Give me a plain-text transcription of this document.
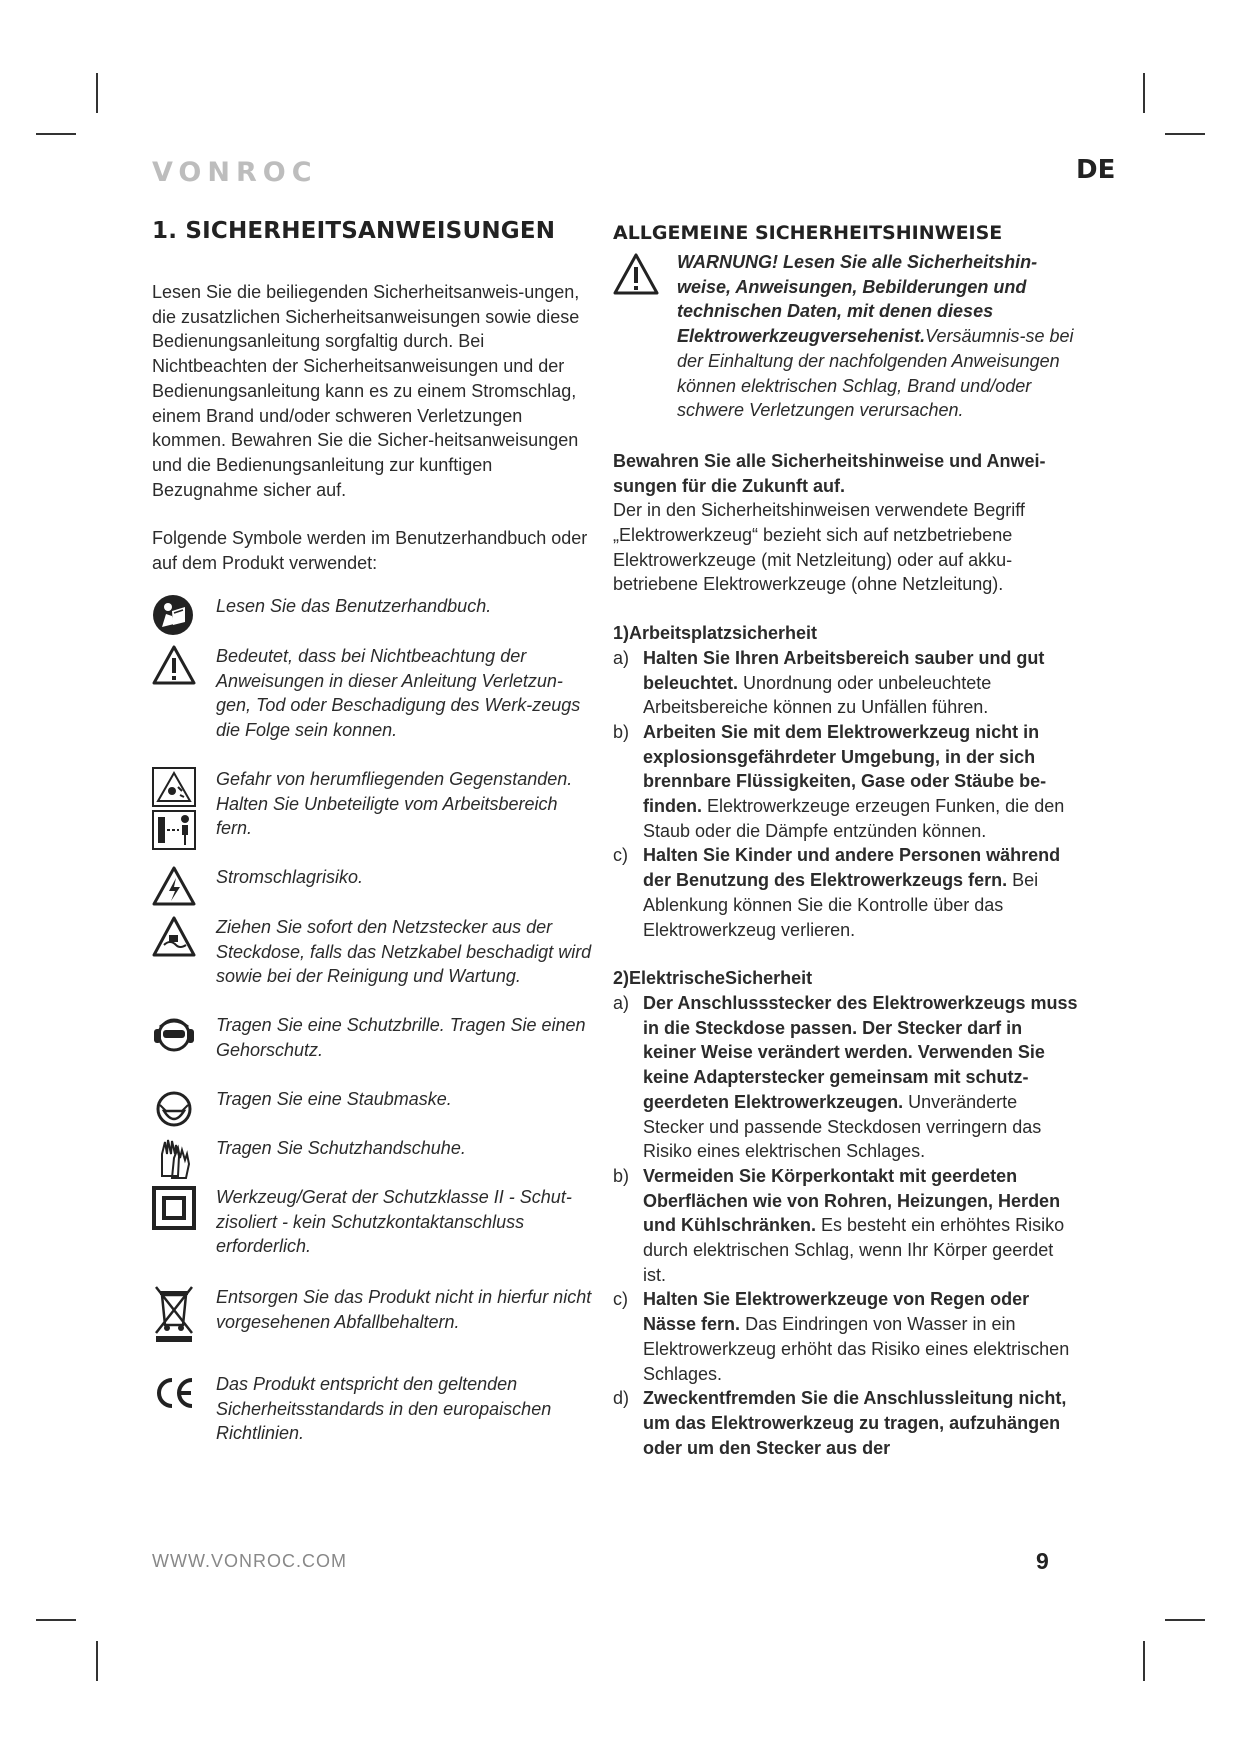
VONROC	DE
1. SICHERHEITSANWEISUNGEN

Lesen Sie die beiliegenden Sicherheitsanweis-ungen, die zusatzlichen Sicherheitsanweisungen sowie diese Bedienungsanleitung sorgfaltig durch. Bei Nichtbeachten der Sicherheitsanweisungen und der Bedienungsanleitung kann es zu einem Stromschlag, einem Brand und/oder schweren Verletzungen kommen. Bewahren Sie die Sicher-heitsanweisungen und die Bedienungsanleitung zur kunftigen Bezugnahme sicher auf.

Folgende Symbole werden im Benutzerhandbuch oder auf dem Produkt verwendet:

Lesen Sie das Benutzerhandbuch.
Bedeutet, dass bei Nichtbeachtung der Anweisungen in dieser Anleitung Verletzun-gen, Tod oder Beschadigung des Werk-zeugs die Folge sein konnen.
Gefahr von herumfliegenden Gegenstanden. Halten Sie Unbeteiligte vom Arbeitsbereich fern.
Stromschlagrisiko.
Ziehen Sie sofort den Netzstecker aus der Steckdose, falls das Netzkabel beschadigt wird sowie bei der Reinigung und Wartung.
Tragen Sie eine Schutzbrille. Tragen Sie einen Gehorschutz.
Tragen Sie eine Staubmaske.
Tragen Sie Schutzhandschuhe.
Werkzeug/Gerat der Schutzklasse II - Schut-zisoliert - kein Schutzkontaktanschluss erforderlich.
Entsorgen Sie das Produkt nicht in hierfur nicht vorgesehenen Abfallbehaltern.
Das Produkt entspricht den geltenden Sicherheitsstandards in den europaischen Richtlinien.
ALLGEMEINE SICHERHEITSHINWEISE
WARNUNG! Lesen Sie alle Sicherheitshin-weise, Anweisungen, Bebilderungen und technischen Daten, mit denen dieses Elektrowerkzeugversehenist.Versäumnis-se bei der Einhaltung der nachfolgenden Anweisungen können elektrischen Schlag, Brand und/oder schwere Verletzungen verursachen.

Bewahren Sie alle Sicherheitshinweise und Anwei-sungen für die Zukunft auf.
Der in den Sicherheitshinweisen verwendete Begriff „Elektrowerkzeug“ bezieht sich auf netzbetriebene Elektrowerkzeuge (mit Netzleitung) oder auf akku-betriebene Elektrowerkzeuge (ohne Netzleitung).

1)Arbeitsplatzsicherheit
a) Halten Sie Ihren Arbeitsbereich sauber und gut beleuchtet. Unordnung oder unbeleuchtete Arbeitsbereiche können zu Unfällen führen.
b) Arbeiten Sie mit dem Elektrowerkzeug nicht in explosionsgefährdeter Umgebung, in der sich brennbare Flüssigkeiten, Gase oder Stäube be-finden. Elektrowerkzeuge erzeugen Funken, die den Staub oder die Dämpfe entzünden können.
c) Halten Sie Kinder und andere Personen während der Benutzung des Elektrowerkzeugs fern. Bei Ablenkung können Sie die Kontrolle über das Elektrowerkzeug verlieren.
2)ElektrischeSicherheit
a) Der Anschlussstecker des Elektrowerkzeugs muss in die Steckdose passen. Der Stecker darf in keiner Weise verändert werden. Verwenden Sie keine Adapterstecker gemeinsam mit schutz-geerdeten Elektrowerkzeugen. Unveränderte Stecker und passende Steckdosen verringern das Risiko eines elektrischen Schlages.
b) Vermeiden Sie Körperkontakt mit geerdeten Oberflächen wie von Rohren, Heizungen, Herden und Kühlschränken. Es besteht ein erhöhtes Risiko durch elektrischen Schlag, wenn Ihr Körper geerdet ist.
c) Halten Sie Elektrowerkzeuge von Regen oder Nässe fern. Das Eindringen von Wasser in ein Elektrowerkzeug erhöht das Risiko eines elektrischen Schlages.
d) Zweckentfremden Sie die Anschlussleitung nicht, um das Elektrowerkzeug zu tragen, aufzuhängen oder um den Stecker aus der
WWW.VONROC.COM	9
